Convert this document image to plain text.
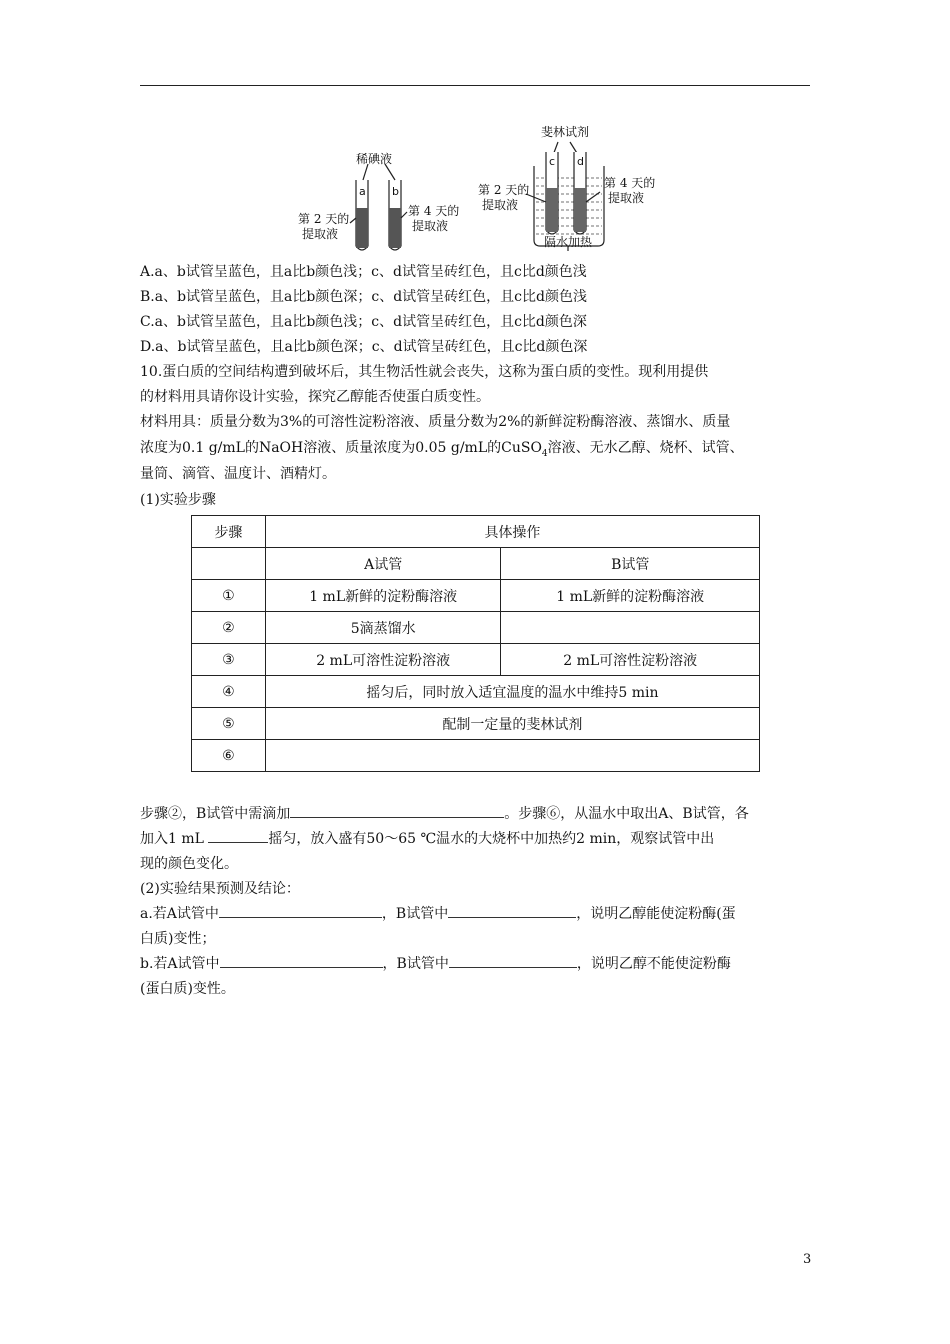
稀碘液
a b
第 2 天的
提取液
第 4 天的
提取液
斐林试剂
c d
第 2 天的
提取液
第 4 天的
提取液
隔水加热
A.a、b试管呈蓝色，且a比b颜色浅；c、d试管呈砖红色，且c比d颜色浅
B.a、b试管呈蓝色，且a比b颜色深；c、d试管呈砖红色，且c比d颜色浅
C.a、b试管呈蓝色，且a比b颜色浅；c、d试管呈砖红色，且c比d颜色深
D.a、b试管呈蓝色，且a比b颜色深；c、d试管呈砖红色，且c比d颜色深
10.蛋白质的空间结构遭到破坏后，其生物活性就会丧失，这称为蛋白质的变性。现利用提供
的材料用具请你设计实验，探究乙醇能否使蛋白质变性。
材料用具：质量分数为3%的可溶性淀粉溶液、质量分数为2%的新鲜淀粉酶溶液、蒸馏水、质量
浓度为0.1 g/mL的NaOH溶液、质量浓度为0.05 g/mL的CuSO$_4$溶液、无水乙醇、烧杯、试管、
量筒、滴管、温度计、酒精灯。
(1)实验步骤
步骤	具体操作	
	A试管	B试管
①	1 mL新鲜的淀粉酶溶液	1 mL新鲜的淀粉酶溶液
②	5滴蒸馏水	
③	2 mL可溶性淀粉溶液	2 mL可溶性淀粉溶液
④	摇匀后，同时放入适宜温度的温水中维持5 min	
⑤	配制一定量的斐林试剂	
⑥		
步骤②，B试管中需滴加	。步骤⑥，从温水中取出A、B试管，各
加入1 mL	摇匀，放入盛有50～65 ℃温水的大烧杯中加热约2 min，观察试管中出
现的颜色变化。
(2)实验结果预测及结论：
a.若A试管中	，B试管中	，说明乙醇能使淀粉酶(蛋
白质)变性；
b.若A试管中	，B试管中	，说明乙醇不能使淀粉酶
(蛋白质)变性。
3
